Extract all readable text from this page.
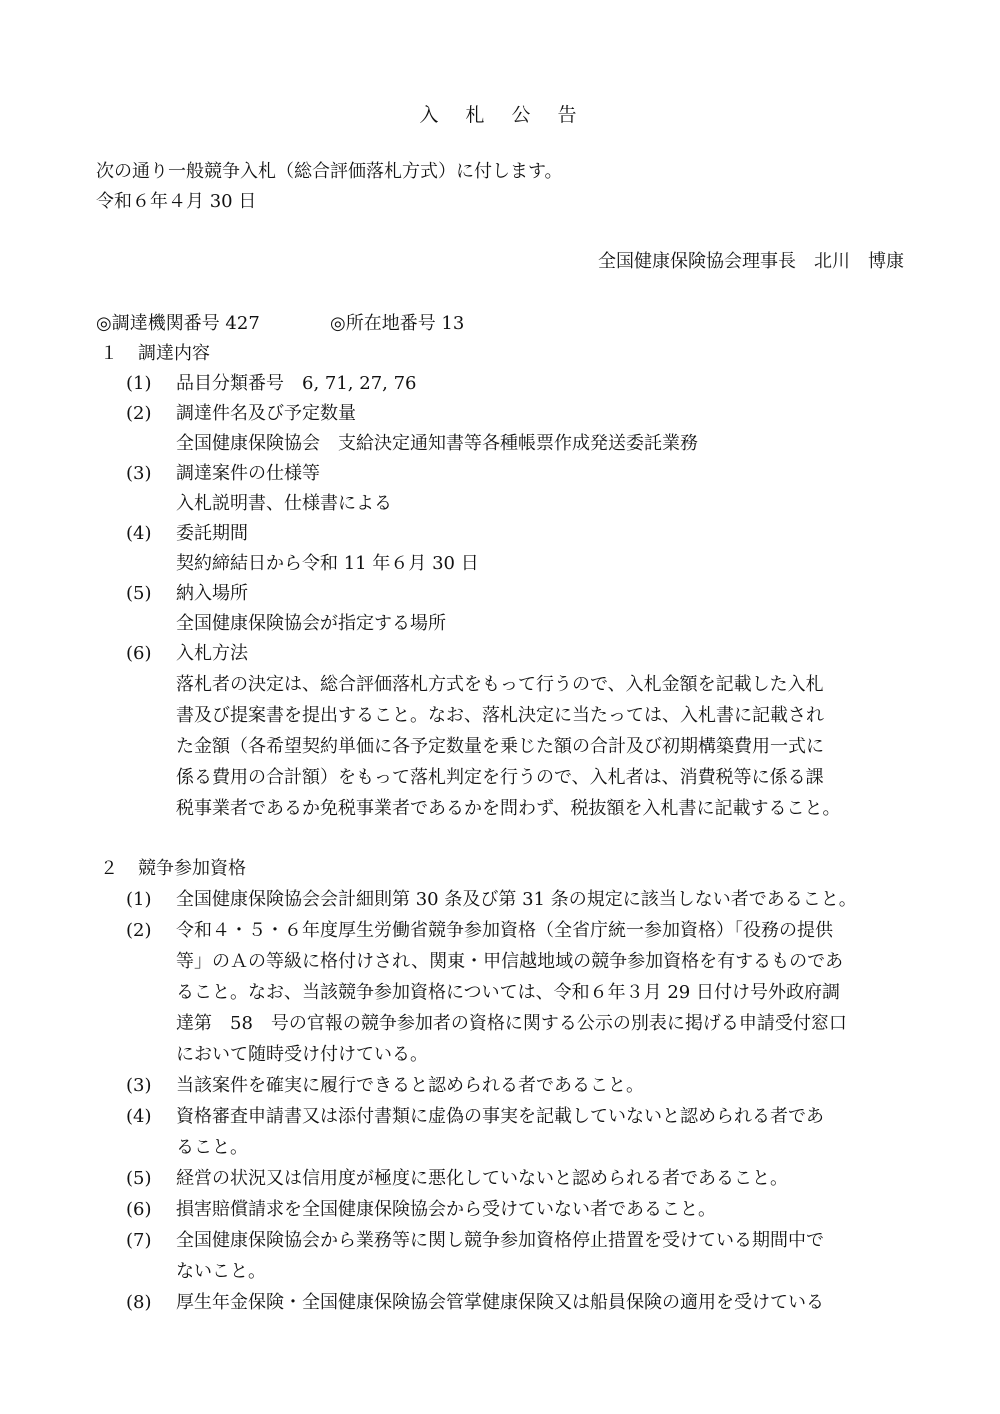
入　札　公　告
次の通り一般競争入札（総合評価落札方式）に付します。
令和６年４月 30 日
全国健康保険協会理事長　北川　博康
◎調達機関番号 427	◎所在地番号 13
１ 調達内容
(1) 品目分類番号　6, 71, 27, 76
(2) 調達件名及び予定数量
全国健康保険協会　支給決定通知書等各種帳票作成発送委託業務
(3) 調達案件の仕様等
入札説明書、仕様書による
(4) 委託期間
契約締結日から令和 11 年６月 30 日
(5) 納入場所
全国健康保険協会が指定する場所
(6) 入札方法
落札者の決定は、総合評価落札方式をもって行うので、入札金額を記載した入札
書及び提案書を提出すること。なお、落札決定に当たっては、入札書に記載され
た金額（各希望契約単価に各予定数量を乗じた額の合計及び初期構築費用一式に
係る費用の合計額）をもって落札判定を行うので、入札者は、消費税等に係る課
税事業者であるか免税事業者であるかを問わず、税抜額を入札書に記載すること。
２ 競争参加資格
(1) 全国健康保険協会会計細則第 30 条及び第 31 条の規定に該当しない者であること。
(2) 令和４・５・６年度厚生労働省競争参加資格（全省庁統一参加資格）「役務の提供
等」のＡの等級に格付けされ、関東・甲信越地域の競争参加資格を有するものであ
ること。なお、当該競争参加資格については、令和６年３月 29 日付け号外政府調
達第　58　号の官報の競争参加者の資格に関する公示の別表に掲げる申請受付窓口
において随時受け付けている。
(3) 当該案件を確実に履行できると認められる者であること。
(4) 資格審査申請書又は添付書類に虚偽の事実を記載していないと認められる者であ
ること。
(5) 経営の状況又は信用度が極度に悪化していないと認められる者であること。
(6) 損害賠償請求を全国健康保険協会から受けていない者であること。
(7) 全国健康保険協会から業務等に関し競争参加資格停止措置を受けている期間中で
ないこと。
(8) 厚生年金保険・全国健康保険協会管掌健康保険又は船員保険の適用を受けている
